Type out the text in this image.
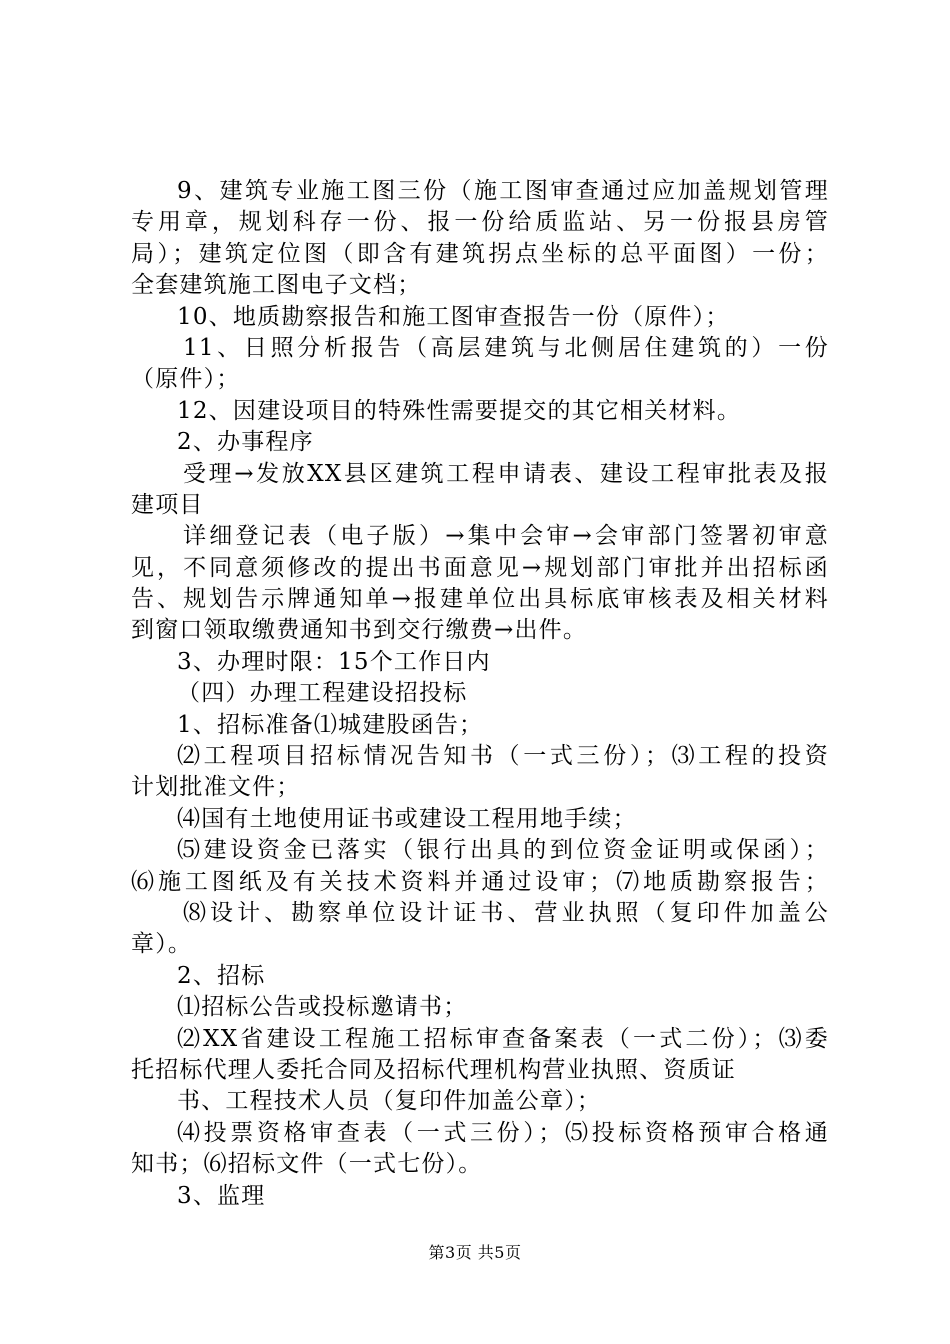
9、建筑专业施工图三份（施工图审查通过应加盖规划管理
专用章，规划科存一份、报一份给质监站、另一份报县房管
局）；建筑定位图（即含有建筑拐点坐标的总平面图）一份；
全套建筑施工图电子文档；
10、地质勘察报告和施工图审查报告一份（原件）；
11、日照分析报告（高层建筑与北侧居住建筑的）一份
（原件）；
12、因建设项目的特殊性需要提交的其它相关材料。
2、办事程序
受理→发放XX县区建筑工程申请表、建设工程审批表及报
建项目
详细登记表（电子版）→集中会审→会审部门签署初审意
见，不同意须修改的提出书面意见→规划部门审批并出招标函
告、规划告示牌通知单→报建单位出具标底审核表及相关材料
到窗口领取缴费通知书到交行缴费→出件。
3、办理时限：15个工作日内
（四）办理工程建设招投标
1、招标准备⑴城建股函告；
⑵工程项目招标情况告知书（一式三份）；⑶工程的投资
计划批准文件；
⑷国有土地使用证书或建设工程用地手续；
⑸建设资金已落实（银行出具的到位资金证明或保函）；
⑹施工图纸及有关技术资料并通过设审；⑺地质勘察报告；
⑻设计、勘察单位设计证书、营业执照（复印件加盖公
章）。
2、招标
⑴招标公告或投标邀请书；
⑵XX省建设工程施工招标审查备案表（一式二份）；⑶委
托招标代理人委托合同及招标代理机构营业执照、资质证
书、工程技术人员（复印件加盖公章）；
⑷投票资格审查表（一式三份）；⑸投标资格预审合格通
知书；⑹招标文件（一式七份）。
3、监理
第3页 共5页
